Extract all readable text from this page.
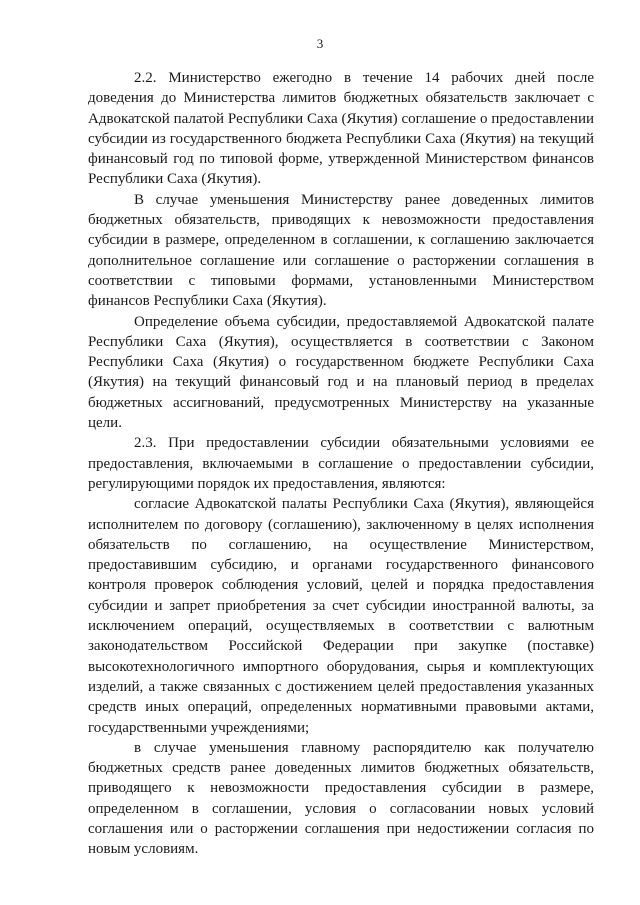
3

2.2. Министерство ежегодно в течение 14 рабочих дней после доведения до Министерства лимитов бюджетных обязательств заключает с Адвокатской палатой Республики Саха (Якутия) соглашение о предоставлении субсидии из государственного бюджета Республики Саха (Якутия) на текущий финансовый год по типовой форме, утвержденной Министерством финансов Республики Саха (Якутия).

В случае уменьшения Министерству ранее доведенных лимитов бюджетных обязательств, приводящих к невозможности предоставления субсидии в размере, определенном в соглашении, к соглашению заключается дополнительное соглашение или соглашение о расторжении соглашения в соответствии с типовыми формами, установленными Министерством финансов Республики Саха (Якутия).

Определение объема субсидии, предоставляемой Адвокатской палате Республики Саха (Якутия), осуществляется в соответствии с Законом Республики Саха (Якутия) о государственном бюджете Республики Саха (Якутия) на текущий финансовый год и на плановый период в пределах бюджетных ассигнований, предусмотренных Министерству на указанные цели.

2.3. При предоставлении субсидии обязательными условиями ее предоставления, включаемыми в соглашение о предоставлении субсидии, регулирующими порядок их предоставления, являются:

согласие Адвокатской палаты Республики Саха (Якутия), являющейся исполнителем по договору (соглашению), заключенному в целях исполнения обязательств по соглашению, на осуществление Министерством, предоставившим субсидию, и органами государственного финансового контроля проверок соблюдения условий, целей и порядка предоставления субсидии и запрет приобретения за счет субсидии иностранной валюты, за исключением операций, осуществляемых в соответствии с валютным законодательством Российской Федерации при закупке (поставке) высокотехнологичного импортного оборудования, сырья и комплектующих изделий, а также связанных с достижением целей предоставления указанных средств иных операций, определенных нормативными правовыми актами, государственными учреждениями;

в случае уменьшения главному распорядителю как получателю бюджетных средств ранее доведенных лимитов бюджетных обязательств, приводящего к невозможности предоставления субсидии в размере, определенном в соглашении, условия о согласовании новых условий соглашения или о расторжении соглашения при недостижении согласия по новым условиям.
